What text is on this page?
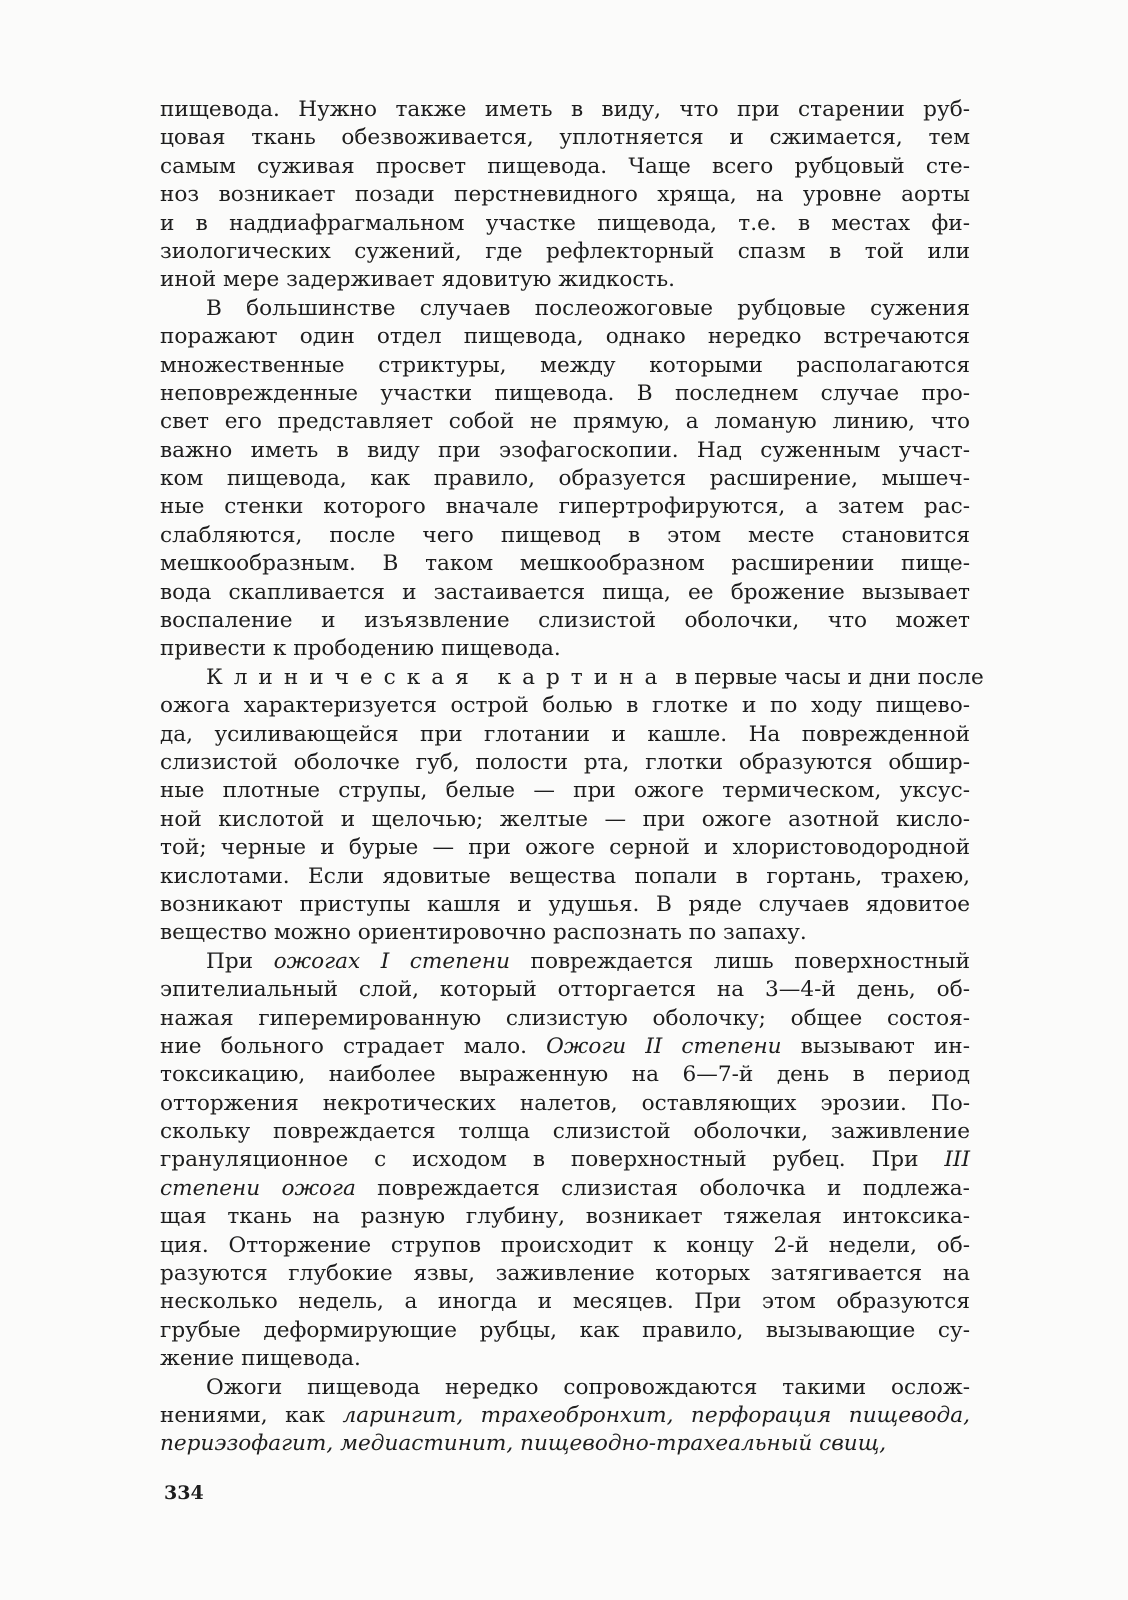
пищевода. Нужно также иметь в виду, что при старении руб-
цовая ткань обезвоживается, уплотняется и сжимается, тем
самым суживая просвет пищевода. Чаще всего рубцовый сте-
ноз возникает позади перстневидного хряща, на уровне аорты
и в наддиафрагмальном участке пищевода, т.е. в местах фи-
зиологических сужений, где рефлекторный спазм в той или
иной мере задерживает ядовитую жидкость.
В большинстве случаев послеожоговые рубцовые сужения
поражают один отдел пищевода, однако нередко встречаются
множественные стриктуры, между которыми располагаются
неповрежденные участки пищевода. В последнем случае про-
свет его представляет собой не прямую, а ломаную линию, что
важно иметь в виду при эзофагоскопии. Над суженным участ-
ком пищевода, как правило, образуется расширение, мышеч-
ные стенки которого вначале гипертрофируются, а затем рас-
слабляются, после чего пищевод в этом месте становится
мешкообразным. В таком мешкообразном расширении пище-
вода скапливается и застаивается пища, ее брожение вызывает
воспаление и изъязвление слизистой оболочки, что может
привести к прободению пищевода.
Клиническая картина в первые часы и дни после
ожога характеризуется острой болью в глотке и по ходу пищево-
да, усиливающейся при глотании и кашле. На поврежденной
слизистой оболочке губ, полости рта, глотки образуются обшир-
ные плотные струпы, белые — при ожоге термическом, уксус-
ной кислотой и щелочью; желтые — при ожоге азотной кисло-
той; черные и бурые — при ожоге серной и хлористоводородной
кислотами. Если ядовитые вещества попали в гортань, трахею,
возникают приступы кашля и удушья. В ряде случаев ядовитое
вещество можно ориентировочно распознать по запаху.
При ожогах I степени повреждается лишь поверхностный
эпителиальный слой, который отторгается на 3—4-й день, об-
нажая гиперемированную слизистую оболочку; общее состоя-
ние больного страдает мало. Ожоги II степени вызывают ин-
токсикацию, наиболее выраженную на 6—7-й день в период
отторжения некротических налетов, оставляющих эрозии. По-
скольку повреждается толща слизистой оболочки, заживление
грануляционное с исходом в поверхностный рубец. При III
степени ожога повреждается слизистая оболочка и подлежа-
щая ткань на разную глубину, возникает тяжелая интоксика-
ция. Отторжение струпов происходит к концу 2-й недели, об-
разуются глубокие язвы, заживление которых затягивается на
несколько недель, а иногда и месяцев. При этом образуются
грубые деформирующие рубцы, как правило, вызывающие су-
жение пищевода.
Ожоги пищевода нередко сопровождаются такими ослож-
нениями, как ларингит, трахеобронхит, перфорация пищевода,
периэзофагит, медиастинит, пищеводно-трахеальный свищ,
334
